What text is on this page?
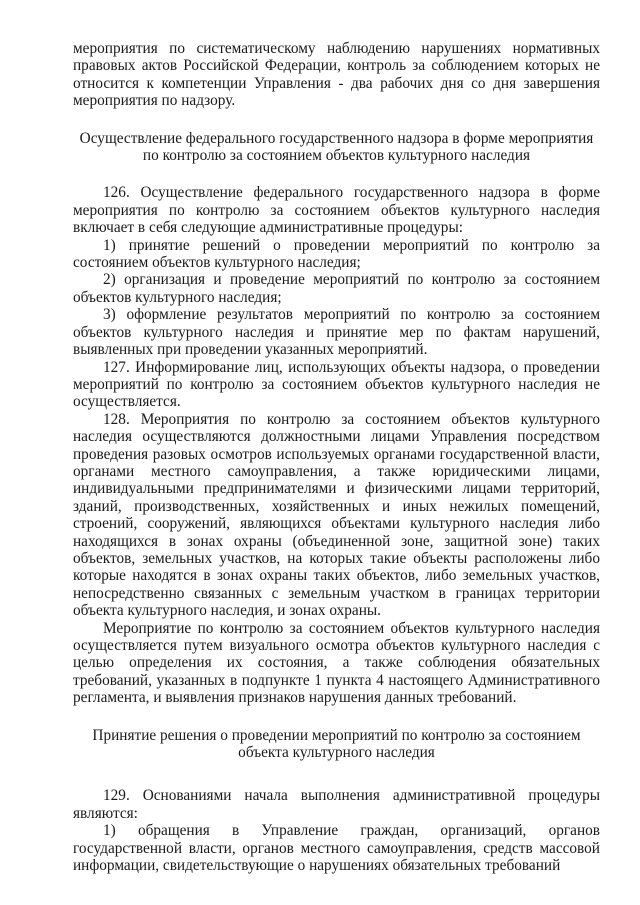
мероприятия по систематическому наблюдению нарушениях нормативных правовых актов Российской Федерации, контроль за соблюдением которых не относится к компетенции Управления - два рабочих дня со дня завершения мероприятия по надзору.

Осуществление федерального государственного надзора в форме мероприятия по контролю за состоянием объектов культурного наследия

126. Осуществление федерального государственного надзора в форме мероприятия по контролю за состоянием объектов культурного наследия включает в себя следующие административные процедуры:

1) принятие решений о проведении мероприятий по контролю за состоянием объектов культурного наследия;

2) организация и проведение мероприятий по контролю за состоянием объектов культурного наследия;

3) оформление результатов мероприятий по контролю за состоянием объектов культурного наследия и принятие мер по фактам нарушений, выявленных при проведении указанных мероприятий.

127. Информирование лиц, использующих объекты надзора, о проведении мероприятий по контролю за состоянием объектов культурного наследия не осуществляется.

128. Мероприятия по контролю за состоянием объектов культурного наследия осуществляются должностными лицами Управления посредством проведения разовых осмотров используемых органами государственной власти, органами местного самоуправления, а также юридическими лицами, индивидуальными предпринимателями и физическими лицами территорий, зданий, производственных, хозяйственных и иных нежилых помещений, строений, сооружений, являющихся объектами культурного наследия либо находящихся в зонах охраны (объединенной зоне, защитной зоне) таких объектов, земельных участков, на которых такие объекты расположены либо которые находятся в зонах охраны таких объектов, либо земельных участков, непосредственно связанных с земельным участком в границах территории объекта культурного наследия, и зонах охраны.

Мероприятие по контролю за состоянием объектов культурного наследия осуществляется путем визуального осмотра объектов культурного наследия с целью определения их состояния, а также соблюдения обязательных требований, указанных в подпункте 1 пункта 4 настоящего Административного регламента, и выявления признаков нарушения данных требований.

Принятие решения о проведении мероприятий по контролю за состоянием объекта культурного наследия

129. Основаниями начала выполнения административной процедуры являются:

1) обращения в Управление граждан, организаций, органов государственной власти, органов местного самоуправления, средств массовой информации, свидетельствующие о нарушениях обязательных требований
